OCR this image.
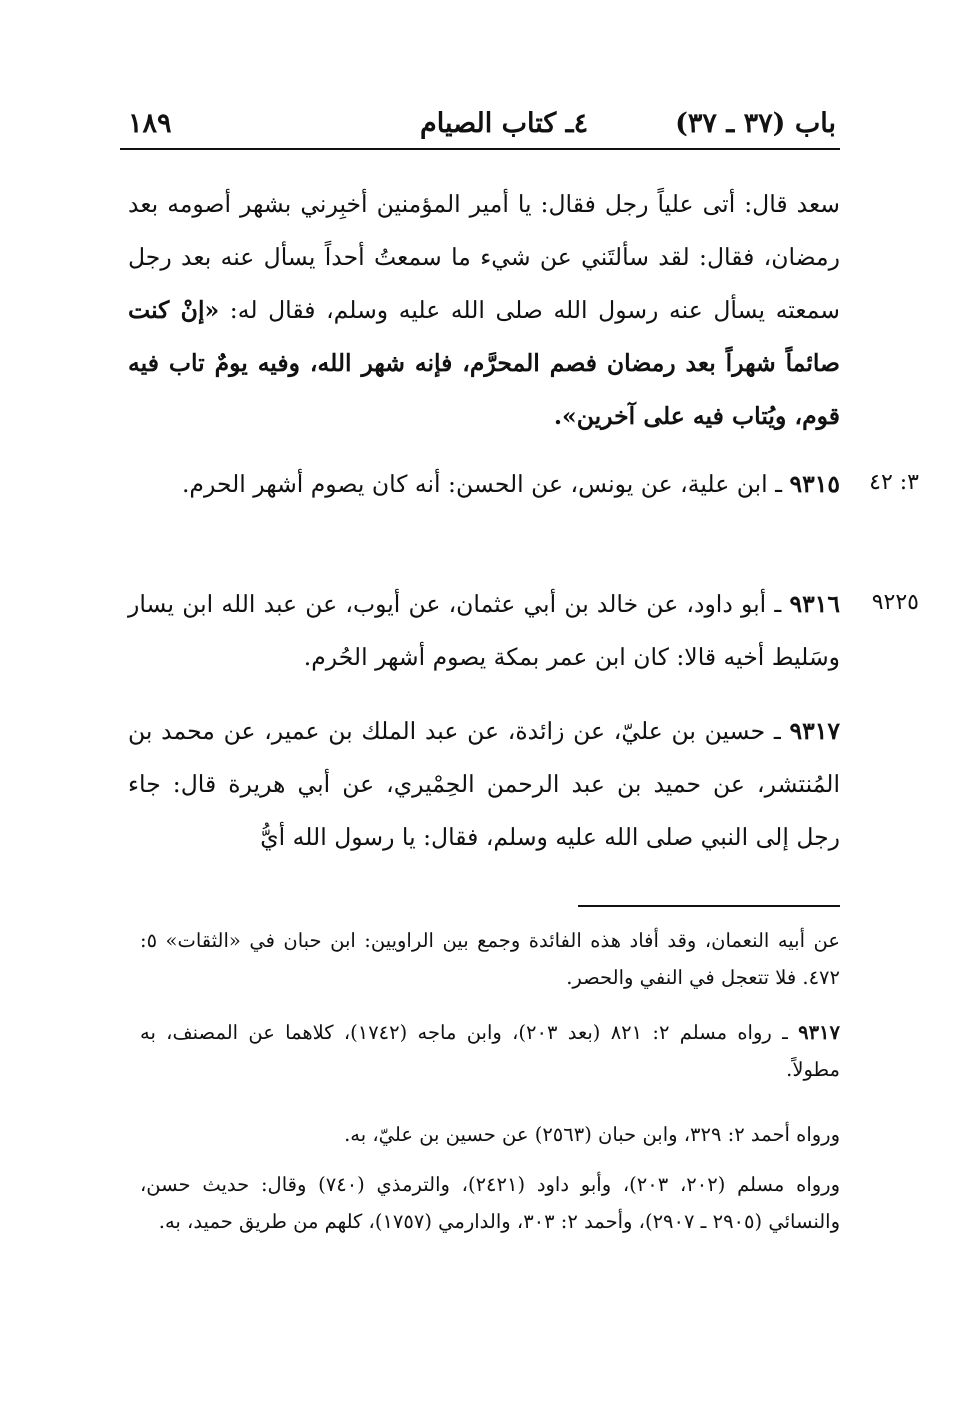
باب (٣٧ ـ ٣٧)
٤ـ كتاب الصيام
١٨٩

سعد قال: أتى علياً رجل فقال: يا أمير المؤمنين أخبِرني بشهر أصومه بعد رمضان، فقال: لقد سألتَني عن شيء ما سمعتُ أحداً يسأل عنه بعد رجل سمعته يسأل عنه رسول الله صلى الله عليه وسلم، فقال له: «إنْ كنت صائماً شهراً بعد رمضان فصم المحرَّم، فإنه شهر الله، وفيه يومٌ تاب فيه قوم، ويُتاب فيه على آخرين».

٣: ٤٢

٩٣١٥ ـ ابن علية، عن يونس، عن الحسن: أنه كان يصوم أشهر الحرم.

٩٢٢٥

٩٣١٦ ـ أبو داود، عن خالد بن أبي عثمان، عن أيوب، عن عبد الله ابن يسار وسَليط أخيه قالا: كان ابن عمر بمكة يصوم أشهر الحُرم.

٩٣١٧ ـ حسين بن عليّ، عن زائدة، عن عبد الملك بن عمير، عن محمد بن المُنتشر، عن حميد بن عبد الرحمن الحِمْيري، عن أبي هريرة قال: جاء رجل إلى النبي صلى الله عليه وسلم، فقال: يا رسول الله أيُّ

عن أبيه النعمان، وقد أفاد هذه الفائدة وجمع بين الراويين: ابن حبان في «الثقات» ٥: ٤٧٢. فلا تتعجل في النفي والحصر.

٩٣١٧ ـ رواه مسلم ٢: ٨٢١ (بعد ٢٠٣)، وابن ماجه (١٧٤٢)، كلاهما عن المصنف، به مطولاً.

ورواه أحمد ٢: ٣٢٩، وابن حبان (٢٥٦٣) عن حسين بن عليّ، به.

ورواه مسلم (٢٠٢، ٢٠٣)، وأبو داود (٢٤٢١)، والترمذي (٧٤٠) وقال: حديث حسن، والنسائي (٢٩٠٥ ـ ٢٩٠٧)، وأحمد ٢: ٣٠٣، والدارمي (١٧٥٧)، كلهم من طريق حميد، به.
